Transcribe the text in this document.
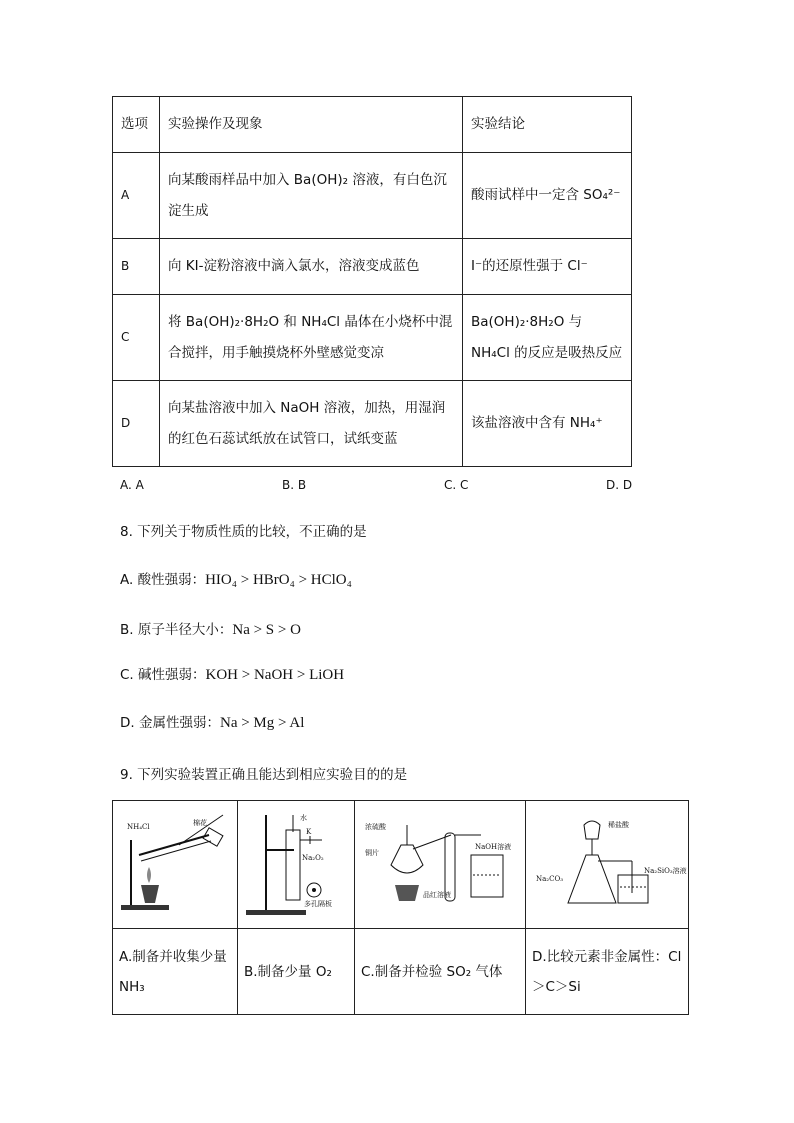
选项	实验操作及现象	实验结论
A	向某酸雨样品中加入 Ba(OH)₂ 溶液，有白色沉淀生成	酸雨试样中一定含 SO₄²⁻
B	向 KI-淀粉溶液中滴入氯水，溶液变成蓝色	I⁻的还原性强于 Cl⁻
C	将 Ba(OH)₂·8H₂O 和 NH₄Cl 晶体在小烧杯中混合搅拌，用手触摸烧杯外壁感觉变凉	Ba(OH)₂·8H₂O 与 NH₄Cl 的反应是吸热反应
D	向某盐溶液中加入 NaOH 溶液，加热，用湿润的红色石蕊试纸放在试管口，试纸变蓝	该盐溶液中含有 NH₄⁺
A. A	B. B	C. C	D. D
8. 下列关于物质性质的比较，不正确的是
A. 酸性强弱：HIO₄ > HBrO₄ > HClO₄
B. 原子半径大小：Na > S > O
C. 碱性强弱：KOH > NaOH > LiOH
D. 金属性强弱：Na > Mg > Al
9. 下列实验装置正确且能达到相应实验目的的是
NH₄Cl 棉花	水
K
Na₂O₂
多孔隔板	浓硫酸
铜片
品红溶液
NaOH溶液	稀盐酸
Na₂CO₃
Na₂SiO₃溶液

A.制备并收集少量 NH₃	B.制备少量 O₂	C.制备并检验 SO₂ 气体	D.比较元素非金属性：Cl＞C＞Si
